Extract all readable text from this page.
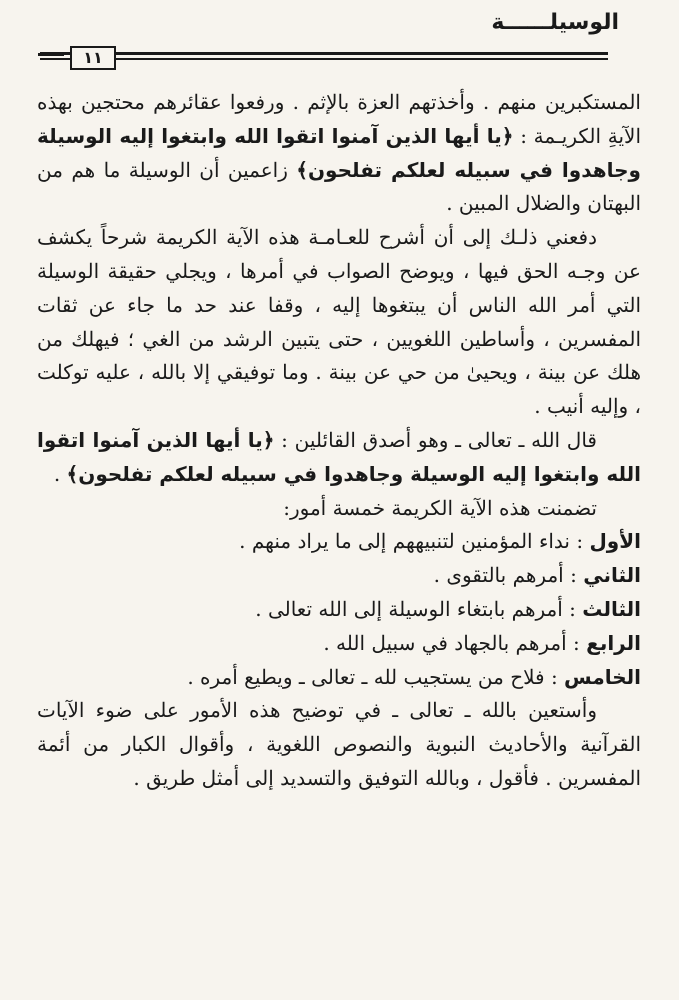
الوسيلــــــة
١١

المستكبرين منهم . وأخذتهم العزة بالإثم . ورفعوا عقائرهم محتجين بهذه الآيةِ الكريـمة : ﴿يا أيها الذين آمنوا اتقوا الله وابتغوا إليه الوسيلة وجاهدوا في سبيله لعلكم تفلحون﴾ زاعمين أن الوسيلة ما هم من البهتان والضلال المبين .

دفعني ذلـك إلى أن أشرح للعـامـة هذه الآية الكريمة شرحاً يكشف عن وجـه الحق فيها ، ويوضح الصواب في أمرها ، ويجلي حقيقة الوسيلة التي أمر الله الناس أن يبتغوها إليه ، وقفا عند حد ما جاء عن ثقات المفسرين ، وأساطين اللغويين ، حتى يتبين الرشد من الغي ؛ فيهلك من هلك عن بينة ، ويحيىٰ من حي عن بينة . وما توفيقي إلا بالله ، عليه توكلت ، وإليه أنيب .

قال الله ـ تعالى ـ وهو أصدق القائلين : ﴿يا أيها الذين آمنوا اتقوا الله وابتغوا إليه الوسيلة وجاهدوا في سبيله لعلكم تفلحون﴾ .

تضمنت هذه الآية الكريمة خمسة أمور:

الأول : نداء المؤمنين لتنبيههم إلى ما يراد منهم .

الثاني : أمرهم بالتقوى .

الثالث : أمرهم بابتغاء الوسيلة إلى الله تعالى .

الرابع : أمرهم بالجهاد في سبيل الله .

الخامس : فلاح من يستجيب لله ـ تعالى ـ ويطيع أمره .

وأستعين بالله ـ تعالى ـ في توضيح هذه الأمور على ضوء الآيات القرآنية والأحاديث النبوية والنصوص اللغوية ، وأقوال الكبار من أئمة المفسرين . فأقول ، وبالله التوفيق والتسديد إلى أمثل طريق .
